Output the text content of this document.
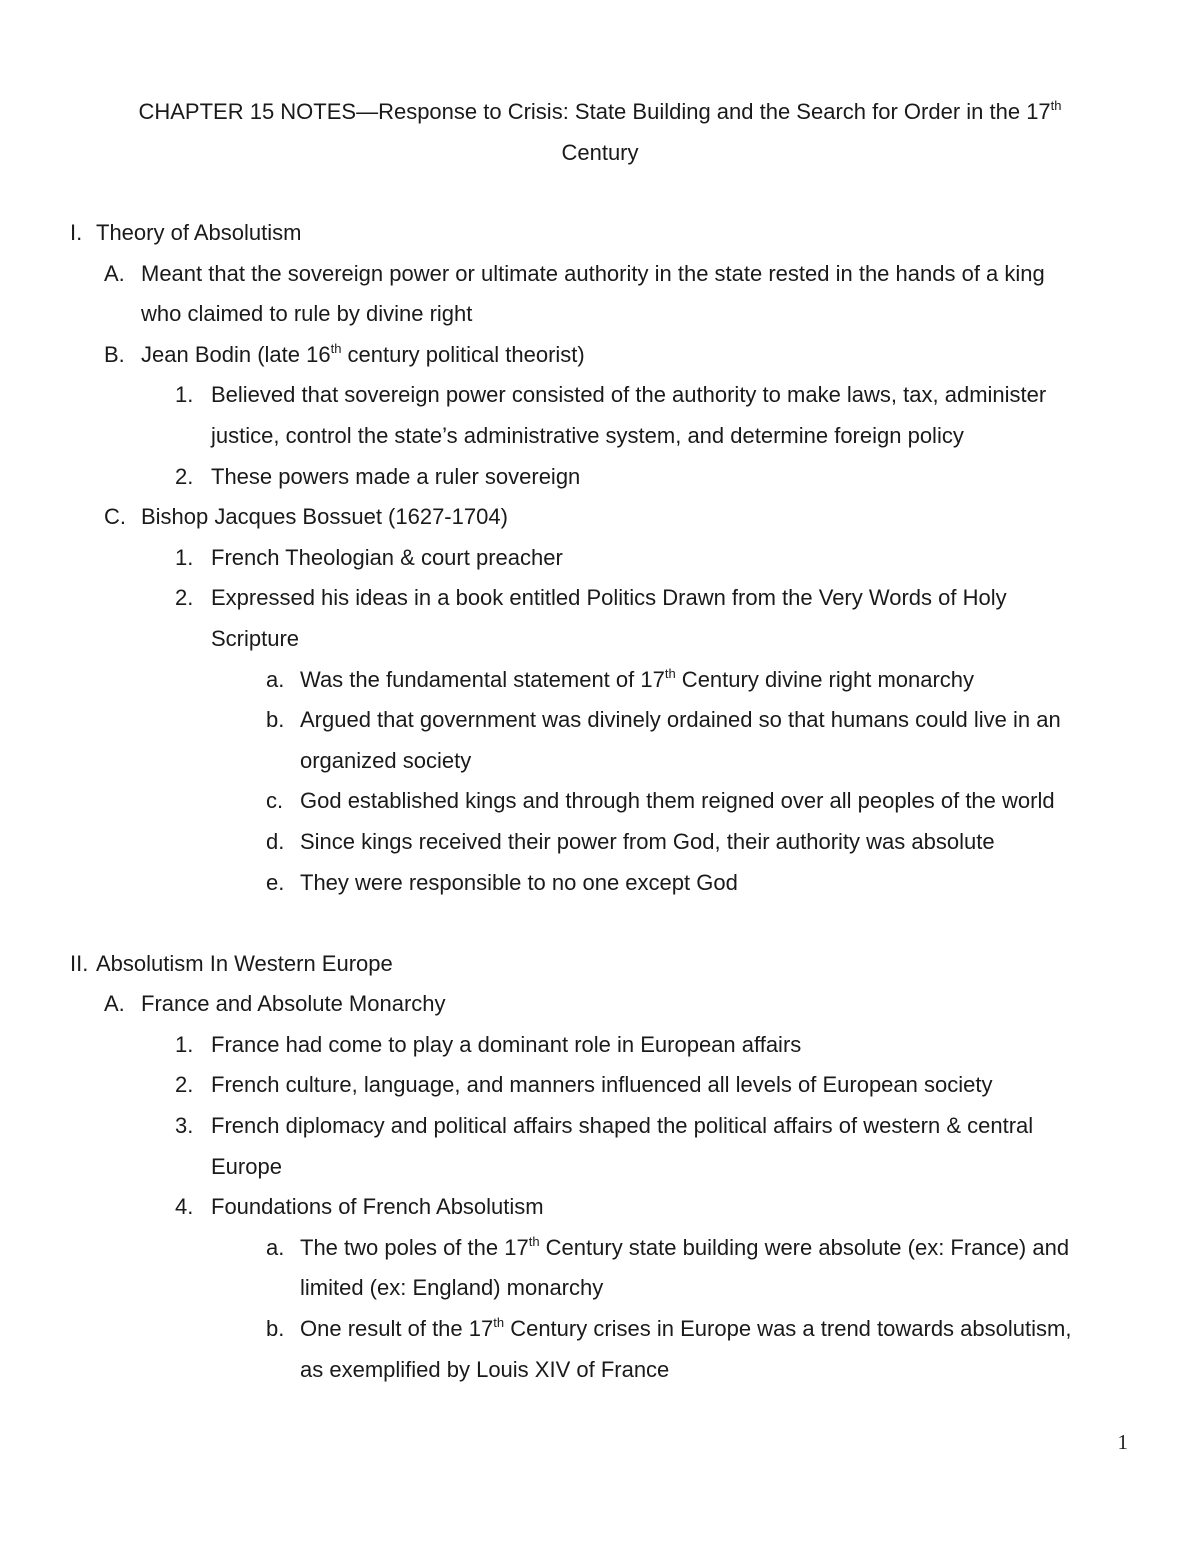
CHAPTER 15 NOTES—Response to Crisis: State Building and the Search for Order in the 17th
Century
I. Theory of Absolutism
A. Meant that the sovereign power or ultimate authority in the state rested in the hands of a king
who claimed to rule by divine right
B. Jean Bodin (late 16th century political theorist)
1. Believed that sovereign power consisted of the authority to make laws, tax, administer
justice, control the state’s administrative system, and determine foreign policy
2. These powers made a ruler sovereign
C. Bishop Jacques Bossuet (1627-1704)
1. French Theologian & court preacher
2. Expressed his ideas in a book entitled Politics Drawn from the Very Words of Holy
Scripture
a. Was the fundamental statement of 17th Century divine right monarchy
b. Argued that government was divinely ordained so that humans could live in an
organized society
c. God established kings and through them reigned over all peoples of the world
d. Since kings received their power from God, their authority was absolute
e. They were responsible to no one except God
II. Absolutism In Western Europe
A. France and Absolute Monarchy
1. France had come to play a dominant role in European affairs
2. French culture, language, and manners influenced all levels of European society
3. French diplomacy and political affairs shaped the political affairs of western & central
Europe
4. Foundations of French Absolutism
a. The two poles of the 17th Century state building were absolute (ex: France) and
limited (ex: England) monarchy
b. One result of the 17th Century crises in Europe was a trend towards absolutism,
as exemplified by Louis XIV of France
1
